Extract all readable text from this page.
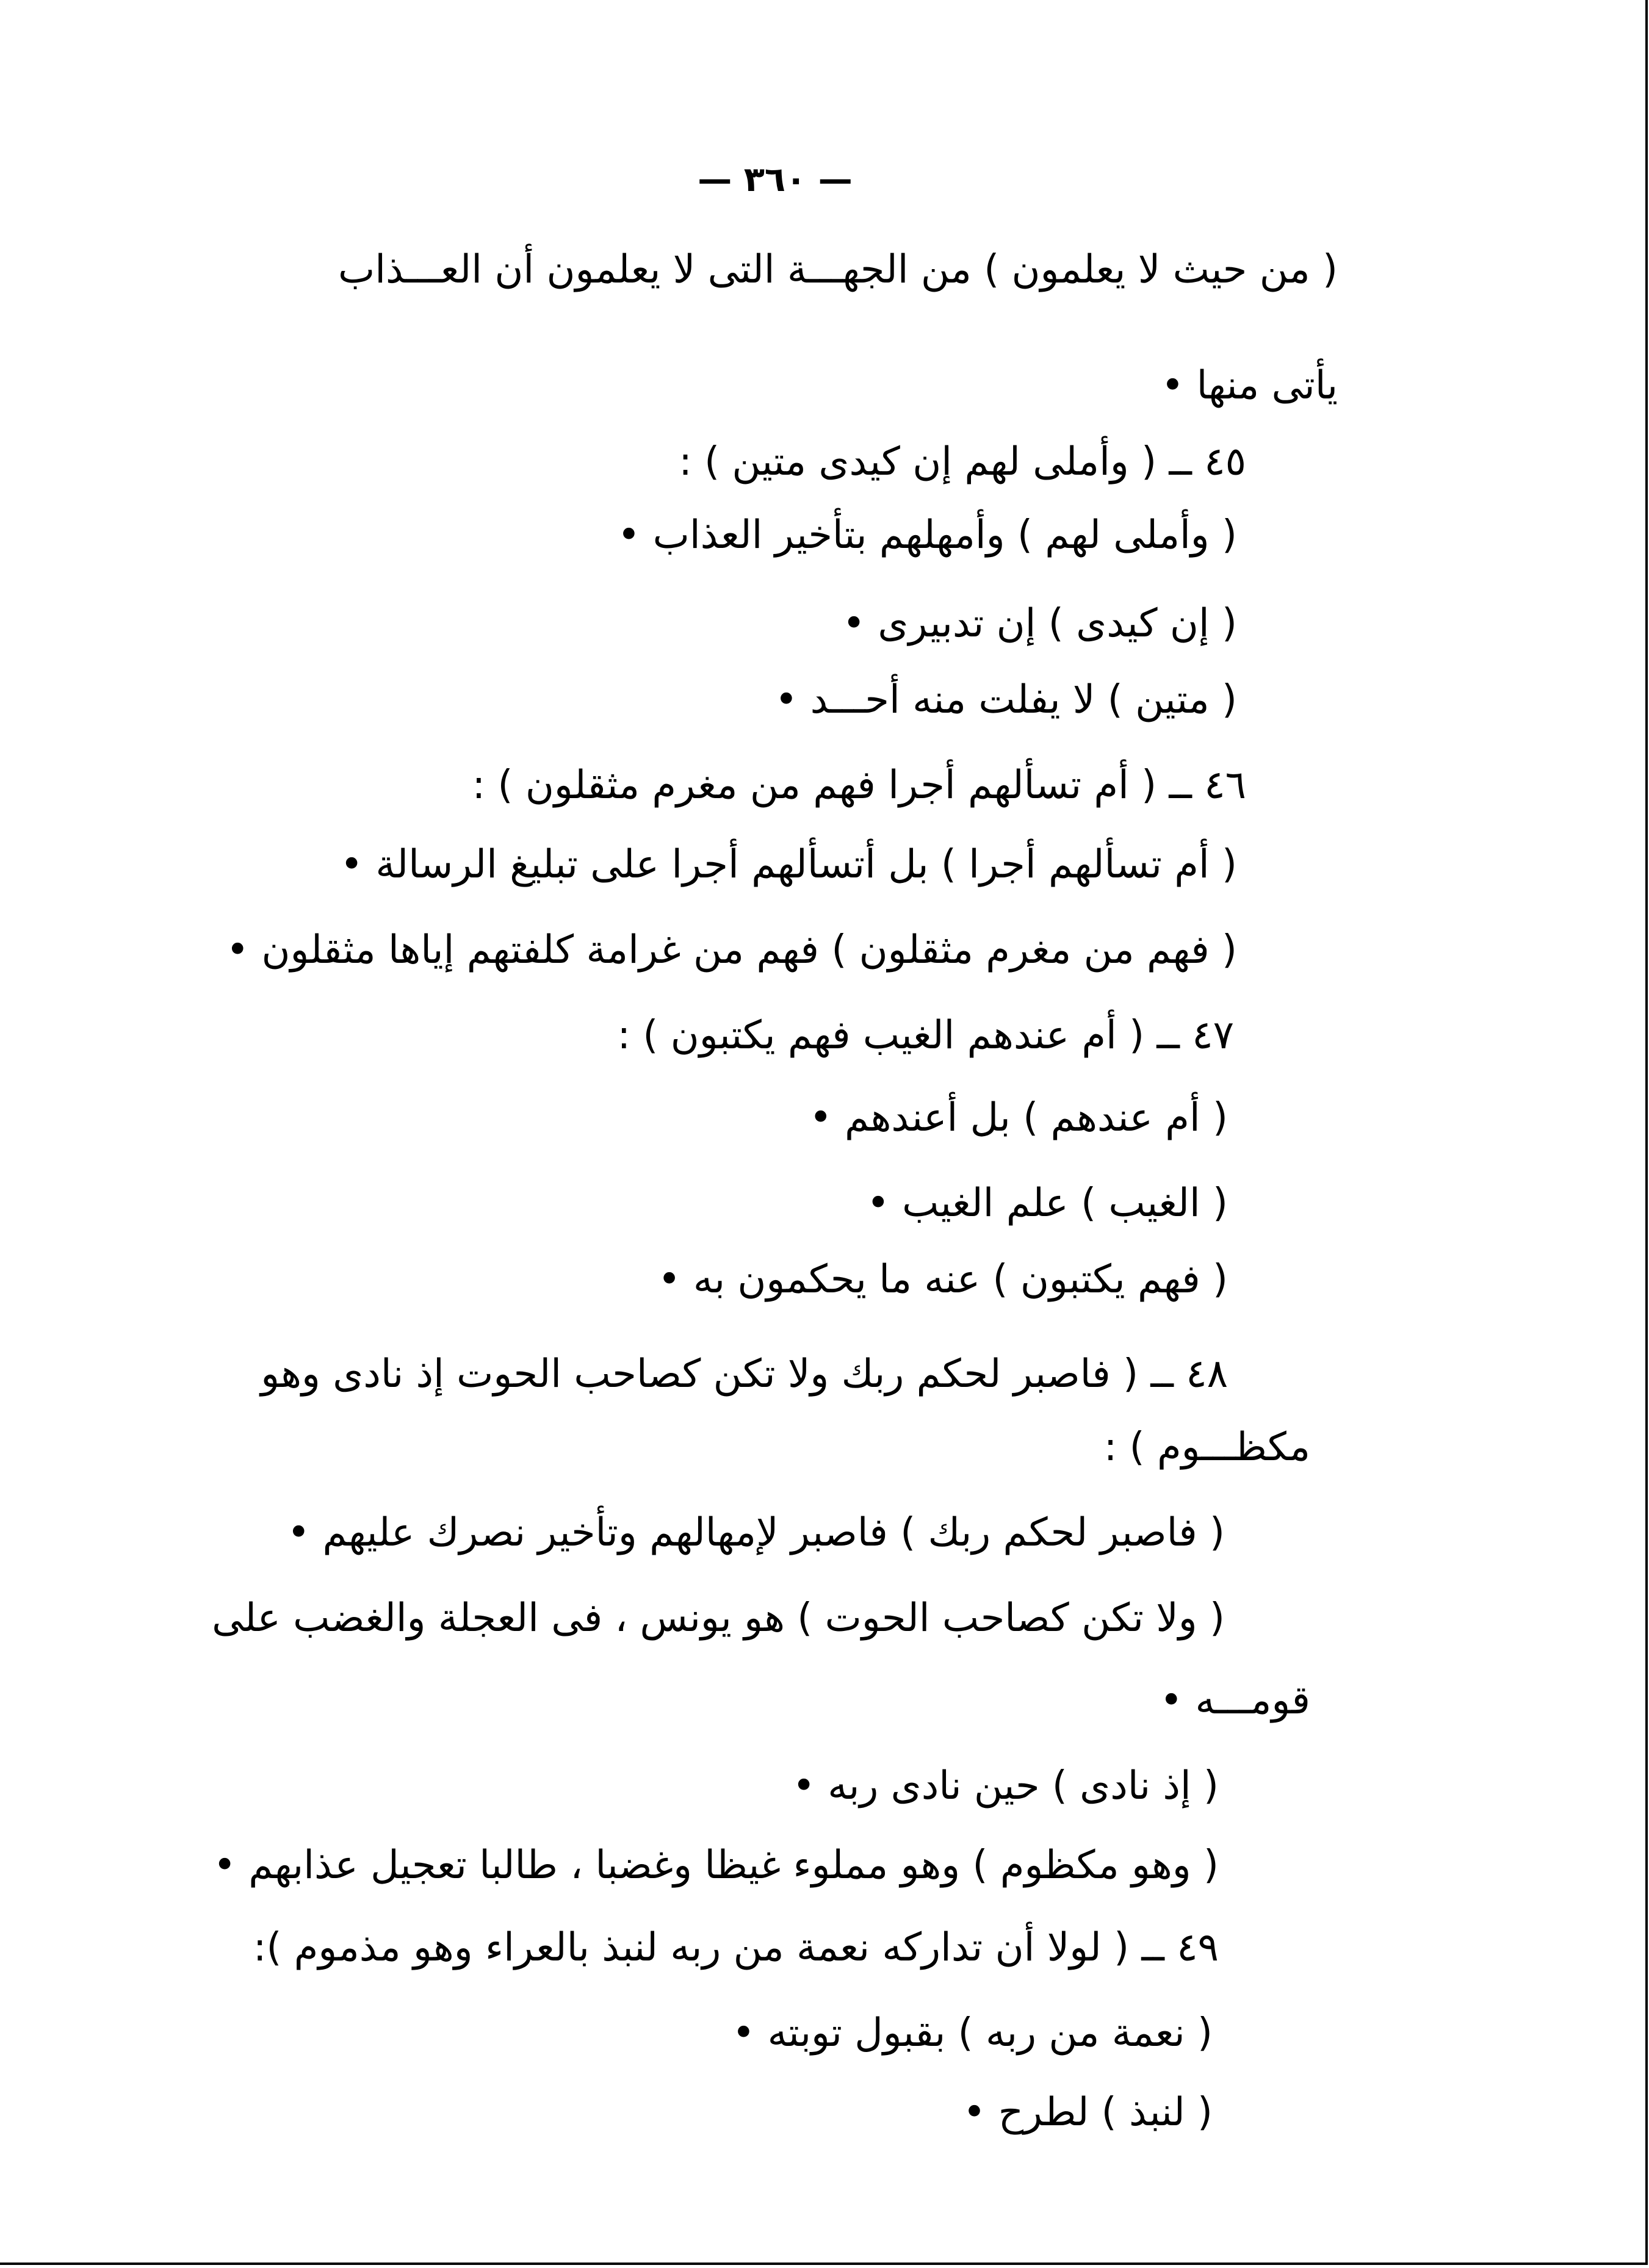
— ٣٦٠ —
( من حيث لا يعلمون ) من الجهـــة التى لا يعلمون أن العـــذاب
يأتى منها •
٤٥ ــ ( وأملى لهم إن كيدى متين ) :
( وأملى لهم ) وأمهلهم بتأخير العذاب •
( إن كيدى ) إن تدبيرى •
( متين ) لا يفلت منه أحـــد •
٤٦ ــ ( أم تسألهم أجرا فهم من مغرم مثقلون ) :
( أم تسألهم أجرا ) بل أتسألهم أجرا على تبليغ الرسالة •
( فهم من مغرم مثقلون ) فهم من غرامة كلفتهم إياها مثقلون •
٤٧ ــ ( أم عندهم الغيب فهم يكتبون ) :
( أم عندهم ) بل أعندهم •
( الغيب ) علم الغيب •
( فهم يكتبون ) عنه ما يحكمون به •
٤٨ ــ ( فاصبر لحكم ربك ولا تكن كصاحب الحوت إذ نادى وهو
مكظـــوم ) :
( فاصبر لحكم ربك ) فاصبر لإمهالهم وتأخير نصرك عليهم •
( ولا تكن كصاحب الحوت ) هو يونس ، فى العجلة والغضب على
قومـــه •
( إذ نادى ) حين نادى ربه •
( وهو مكظوم ) وهو مملوء غيظا وغضبا ، طالبا تعجيل عذابهم •
٤٩ ــ ( لولا أن تداركه نعمة من ربه لنبذ بالعراء وهو مذموم ):
( نعمة من ربه ) بقبول توبته •
( لنبذ ) لطرح •
